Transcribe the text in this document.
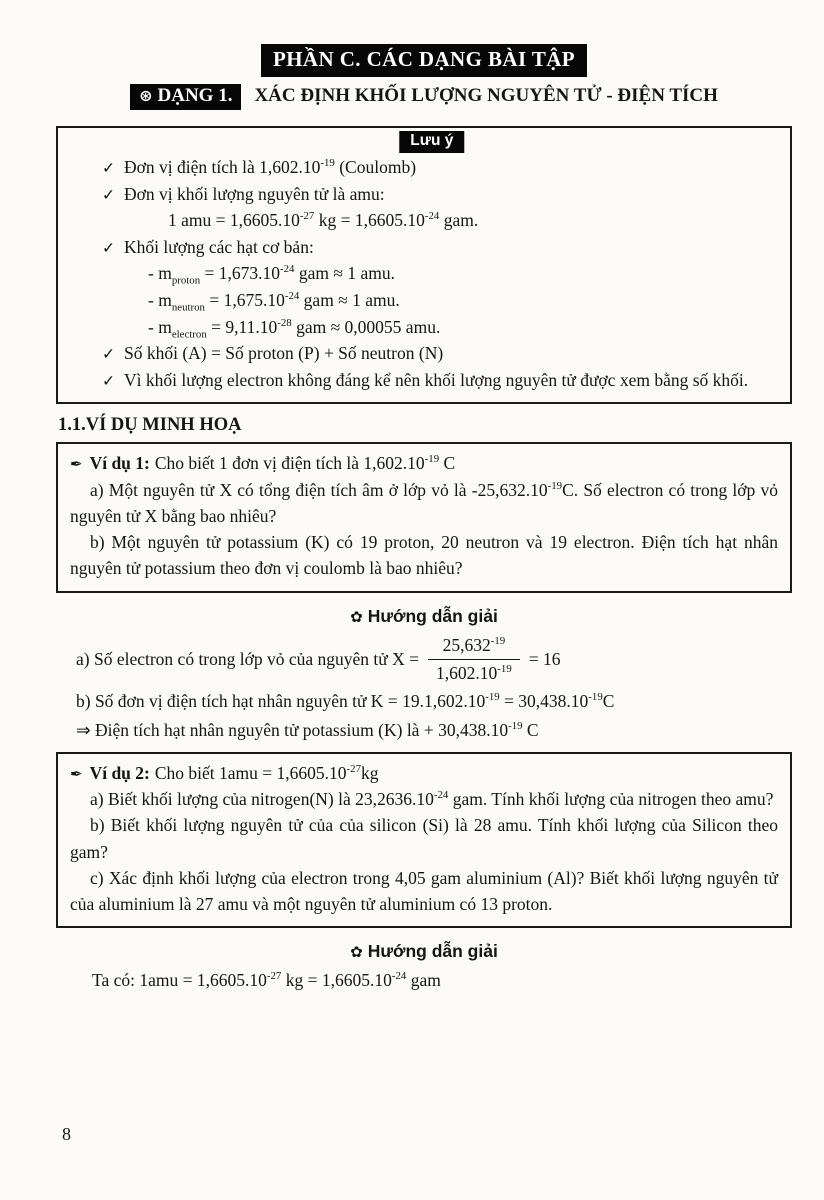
PHẦN C. CÁC DẠNG BÀI TẬP
⊛ DẠNG 1. XÁC ĐỊNH KHỐI LƯỢNG NGUYÊN TỬ - ĐIỆN TÍCH
Lưu ý
✓ Đơn vị điện tích là $1,602.10^{-19}$ (Coulomb)
✓ Đơn vị khối lượng nguyên tử là amu:
1 amu = $1,6605.10^{-27}$ kg = $1,6605.10^{-24}$ gam.
✓ Khối lượng các hạt cơ bản:
- $m_{proton} = 1,673.10^{-24}$ gam ≈ 1 amu.
- $m_{neutron} = 1,675.10^{-24}$ gam ≈ 1 amu.
- $m_{electron} = 9,11.10^{-28}$ gam ≈ 0,00055 amu.
✓ Số khối (A) = Số proton (P) + Số neutron (N)
✓ Vì khối lượng electron không đáng kể nên khối lượng nguyên tử được xem bằng số khối.
1.1.VÍ DỤ MINH HOẠ

✒ Ví dụ 1: Cho biết 1 đơn vị điện tích là $1,602.10^{-19}$ C

a) Một nguyên tử X có tổng điện tích âm ở lớp vỏ là $-25,632.10^{-19}C$. Số electron có trong lớp vỏ nguyên tử X bằng bao nhiêu?

b) Một nguyên tử potassium (K) có 19 proton, 20 neutron và 19 electron. Điện tích hạt nhân nguyên tử potassium theo đơn vị coulomb là bao nhiêu?

✿ Hướng dẫn giải
a) Số electron có trong lớp vỏ của nguyên tử $X = \frac{25,632^{-19}}{1,602.10^{-19}} = 16$
b) Số đơn vị điện tích hạt nhân nguyên tử $K = 19.1,602.10^{-19} = 30,438.10^{-19}C$
⇒ Điện tích hạt nhân nguyên tử potassium (K) là + $30,438.10^{-19}$ C

✒ Ví dụ 2: Cho biết $1amu = 1,6605.10^{-27}kg$

a) Biết khối lượng của nitrogen(N) là $23,2636.10^{-24}$ gam. Tính khối lượng của nitrogen theo amu?

b) Biết khối lượng nguyên tử của của silicon (Si) là 28 amu. Tính khối lượng của Silicon theo gam?

c) Xác định khối lượng của electron trong 4,05 gam aluminium (Al)? Biết khối lượng nguyên tử của aluminium là 27 amu và một nguyên tử aluminium có 13 proton.

✿ Hướng dẫn giải
Ta có: $1amu = 1,6605.10^{-27}$ kg = $1,6605.10^{-24}$ gam
8
